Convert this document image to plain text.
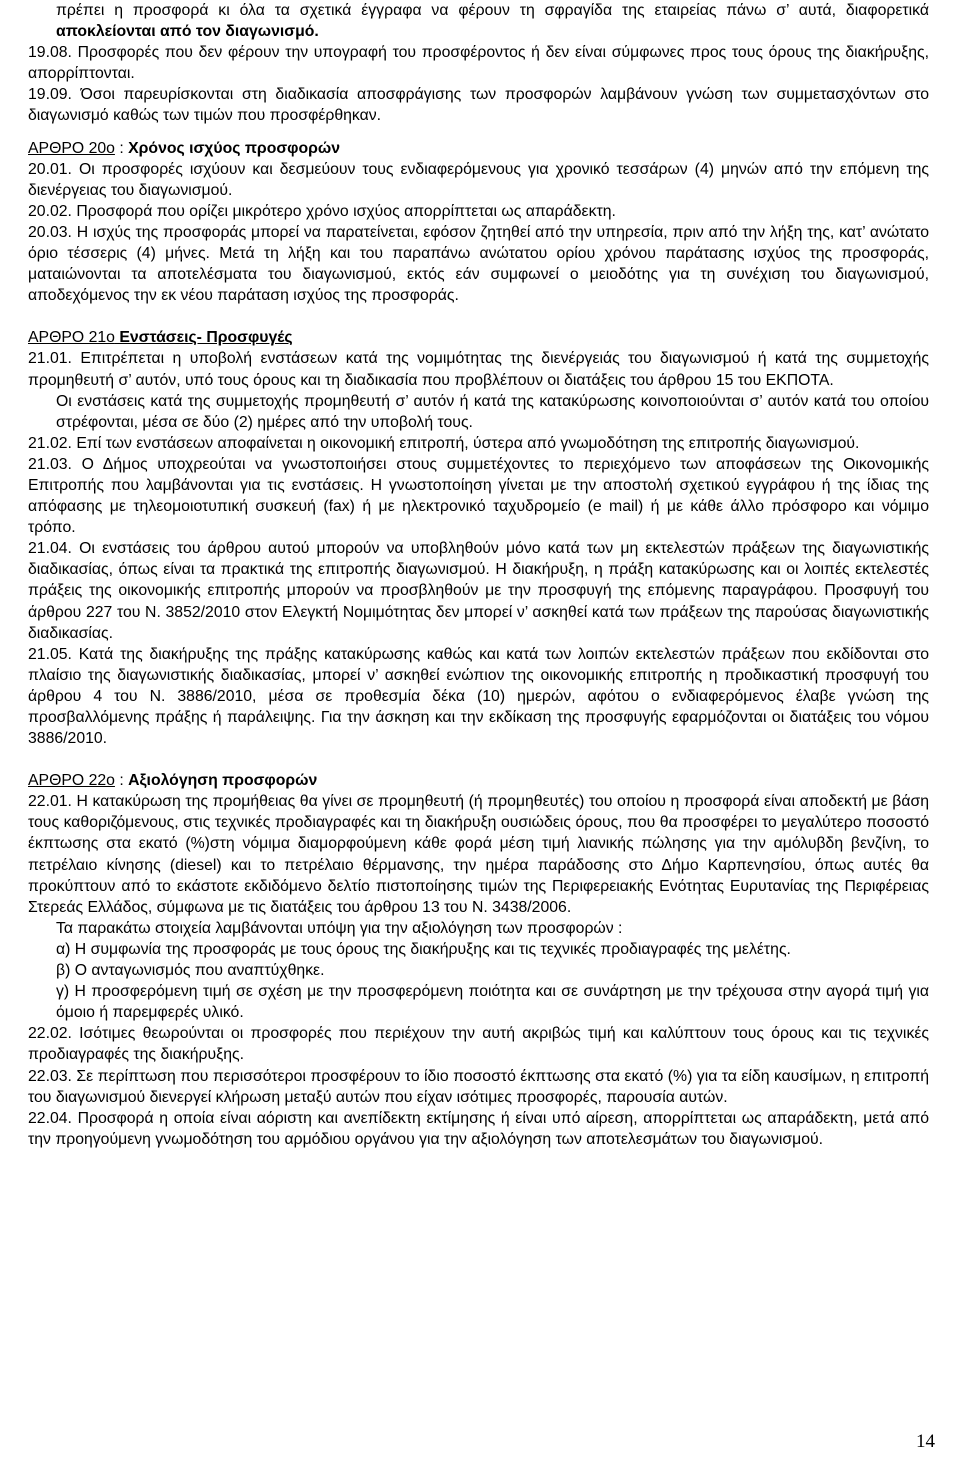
πρέπει η προσφορά κι όλα τα σχετικά έγγραφα να φέρουν τη σφραγίδα της εταιρείας πάνω σ’ αυτά, διαφορετικά αποκλείονται από τον διαγωνισμό.

19.08. Προσφορές που δεν φέρουν την υπογραφή του προσφέροντος ή δεν είναι σύμφωνες προς τους όρους της διακήρυξης, απορρίπτονται.

19.09. Όσοι παρευρίσκονται στη διαδικασία αποσφράγισης των προσφορών λαμβάνουν γνώση των συμμετασχόντων στο διαγωνισμό καθώς των τιμών που προσφέρθηκαν.

ΑΡΘΡΟ 20ο : Χρόνος ισχύος προσφορών

20.01. Οι προσφορές ισχύουν και δεσμεύουν τους ενδιαφερόμενους για χρονικό τεσσάρων (4) μηνών από την επόμενη της διενέργειας του διαγωνισμού.

20.02. Προσφορά που ορίζει μικρότερο χρόνο ισχύος απορρίπτεται ως απαράδεκτη.

20.03. Η ισχύς της προσφοράς μπορεί να παρατείνεται, εφόσον ζητηθεί από την υπηρεσία, πριν από την λήξη της, κατ’ ανώτατο όριο τέσσερις (4) μήνες. Μετά τη λήξη και του παραπάνω ανώτατου ορίου χρόνου παράτασης ισχύος της προσφοράς, ματαιώνονται τα αποτελέσματα του διαγωνισμού, εκτός εάν συμφωνεί ο μειοδότης για τη συνέχιση του διαγωνισμού, αποδεχόμενος την εκ νέου παράταση ισχύος της προσφοράς.

ΑΡΘΡΟ 21ο Ενστάσεις- Προσφυγές

21.01. Επιτρέπεται η υποβολή ενστάσεων κατά της νομιμότητας της διενέργειάς του διαγωνισμού ή κατά της συμμετοχής προμηθευτή σ’ αυτόν, υπό τους όρους και τη διαδικασία που προβλέπουν οι διατάξεις του άρθρου 15 του ΕΚΠΟΤΑ.

Οι ενστάσεις κατά της συμμετοχής προμηθευτή σ’ αυτόν ή κατά της κατακύρωσης κοινοποιούνται σ’ αυτόν κατά του οποίου στρέφονται, μέσα σε δύο (2) ημέρες από την υποβολή τους.

21.02. Επί των ενστάσεων αποφαίνεται η οικονομική επιτροπή, ύστερα από γνωμοδότηση της επιτροπής διαγωνισμού.

21.03. Ο Δήμος υποχρεούται να γνωστοποιήσει στους συμμετέχοντες το περιεχόμενο των αποφάσεων της Οικονομικής Επιτροπής που λαμβάνονται για τις ενστάσεις. Η γνωστοποίηση γίνεται με την αποστολή σχετικού εγγράφου ή της ίδιας της απόφασης με τηλεομοιοτυπική συσκευή (fax) ή με ηλεκτρονικό ταχυδρομείο (e mail) ή με κάθε άλλο πρόσφορο και νόμιμο τρόπο.

21.04. Οι ενστάσεις του άρθρου αυτού μπορούν να υποβληθούν μόνο κατά των μη εκτελεστών πράξεων της διαγωνιστικής διαδικασίας, όπως είναι τα πρακτικά της επιτροπής διαγωνισμού. Η διακήρυξη, η πράξη κατακύρωσης και οι λοιπές εκτελεστές πράξεις της οικονομικής επιτροπής μπορούν να προσβληθούν με την προσφυγή της επόμενης παραγράφου. Προσφυγή του άρθρου 227 του Ν. 3852/2010 στον Ελεγκτή Νομιμότητας δεν μπορεί ν’ ασκηθεί κατά των πράξεων της παρούσας διαγωνιστικής διαδικασίας.

21.05. Κατά της διακήρυξης της πράξης κατακύρωσης καθώς και κατά των λοιπών εκτελεστών πράξεων που εκδίδονται στο πλαίσιο της διαγωνιστικής διαδικασίας, μπορεί ν’ ασκηθεί ενώπιον της οικονομικής επιτροπής η προδικαστική προσφυγή του άρθρου 4 του Ν. 3886/2010, μέσα σε προθεσμία δέκα (10) ημερών, αφότου ο ενδιαφερόμενος έλαβε γνώση της προσβαλλόμενης πράξης ή παράλειψης. Για την άσκηση και την εκδίκαση της προσφυγής εφαρμόζονται οι διατάξεις του νόμου 3886/2010.

ΑΡΘΡΟ 22ο : Αξιολόγηση προσφορών

22.01. Η κατακύρωση της προμήθειας θα γίνει σε προμηθευτή (ή προμηθευτές) του οποίου η προσφορά είναι αποδεκτή με βάση τους καθοριζόμενους, στις τεχνικές προδιαγραφές και τη διακήρυξη ουσιώδεις όρους, που θα προσφέρει το μεγαλύτερο ποσοστό έκπτωσης στα εκατό (%)στη νόμιμα διαμορφούμενη κάθε φορά μέση τιμή λιανικής πώλησης για την αμόλυβδη βενζίνη, το πετρέλαιο κίνησης (diesel) και το πετρέλαιο θέρμανσης, την ημέρα παράδοσης στο Δήμο Καρπενησίου, όπως αυτές θα προκύπτουν από το εκάστοτε εκδιδόμενο δελτίο πιστοποίησης τιμών της Περιφερειακής Ενότητας Ευρυτανίας της Περιφέρειας Στερεάς Ελλάδος, σύμφωνα με τις διατάξεις του άρθρου 13 του Ν. 3438/2006.

Τα παρακάτω στοιχεία λαμβάνονται υπόψη για την αξιολόγηση των προσφορών :

α) Η συμφωνία της προσφοράς με τους όρους της διακήρυξης και τις τεχνικές προδιαγραφές της μελέτης.

β) Ο ανταγωνισμός που αναπτύχθηκε.

γ) Η προσφερόμενη τιμή σε σχέση με την προσφερόμενη ποιότητα και σε συνάρτηση με την τρέχουσα στην αγορά τιμή για όμοιο ή παρεμφερές υλικό.

22.02. Ισότιμες θεωρούνται οι προσφορές που περιέχουν την αυτή ακριβώς τιμή και καλύπτουν τους όρους και τις τεχνικές προδιαγραφές της διακήρυξης.

22.03. Σε περίπτωση που περισσότεροι προσφέρουν το ίδιο ποσοστό έκπτωσης στα εκατό (%) για τα είδη καυσίμων, η επιτροπή του διαγωνισμού διενεργεί κλήρωση μεταξύ αυτών που είχαν ισότιμες προσφορές, παρουσία αυτών.

22.04. Προσφορά η οποία είναι αόριστη και ανεπίδεκτη εκτίμησης ή είναι υπό αίρεση, απορρίπτεται ως απαράδεκτη, μετά από την προηγούμενη γνωμοδότηση του αρμόδιου οργάνου για την αξιολόγηση των αποτελεσμάτων του διαγωνισμού.

14
